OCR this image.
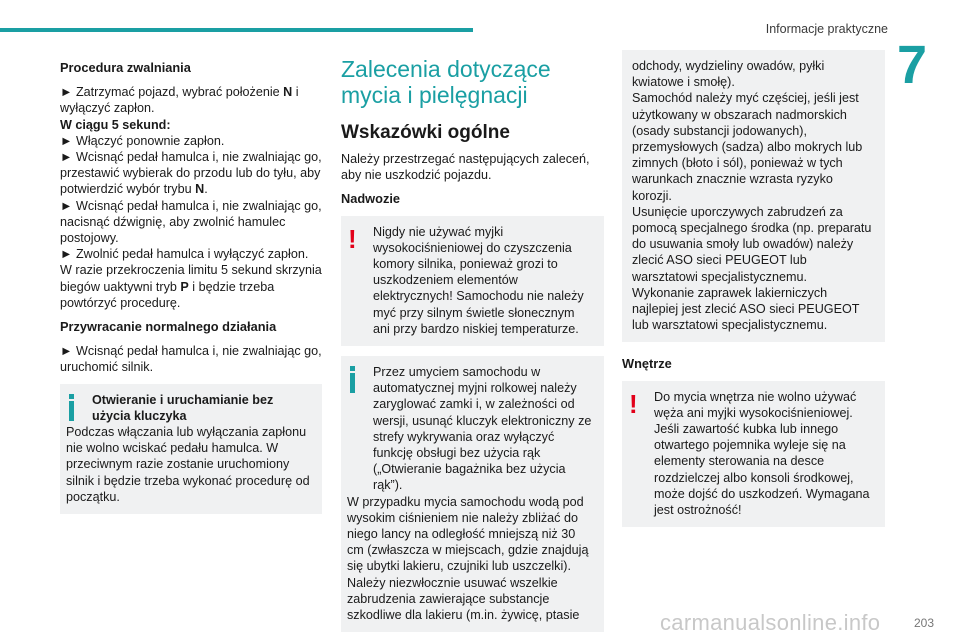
Informacje praktyczne
7
Procedura zwalniania

► Zatrzymać pojazd, wybrać położenie N i wyłączyć zapłon.

W ciągu 5 sekund:

► Włączyć ponownie zapłon.

► Wcisnąć pedał hamulca i, nie zwalniając go, przestawić wybierak do przodu lub do tyłu, aby potwierdzić wybór trybu N.

► Wcisnąć pedał hamulca i, nie zwalniając go, nacisnąć dźwignię, aby zwolnić hamulec postojowy.

► Zwolnić pedał hamulca i wyłączyć zapłon.

W razie przekroczenia limitu 5 sekund skrzynia biegów uaktywni tryb P i będzie trzeba powtórzyć procedurę.

Przywracanie normalnego działania

► Wcisnąć pedał hamulca i, nie zwalniając go, uruchomić silnik.

Otwieranie i uruchamianie bez użycia kluczyka

Podczas włączania lub wyłączania zapłonu nie wolno wciskać pedału hamulca. W przeciwnym razie zostanie uruchomiony silnik i będzie trzeba wykonać procedurę od początku.

Zalecenia dotyczące mycia i pielęgnacji
Wskazówki ogólne

Należy przestrzegać następujących zaleceń, aby nie uszkodzić pojazdu.

Nadwozie
!	Nigdy nie używać myjki wysokociśnieniowej do czyszczenia komory silnika, ponieważ grozi to uszkodzeniem elementów elektrycznych! Samochodu nie należy myć przy silnym świetle słonecznym ani przy bardzo niskiej temperaturze.

Przez umyciem samochodu w automatycznej myjni rolkowej należy zaryglować zamki i, w zależności od wersji, usunąć kluczyk elektroniczny ze strefy wykrywania oraz wyłączyć funkcję obsługi bez użycia rąk („Otwieranie bagażnika bez użycia rąk”).

W przypadku mycia samochodu wodą pod wysokim ciśnieniem nie należy zbliżać do niego lancy na odległość mniejszą niż 30 cm (zwłaszcza w miejscach, gdzie znajdują się ubytki lakieru, czujniki lub uszczelki).

Należy niezwłocznie usuwać wszelkie zabrudzenia zawierające substancje szkodliwe dla lakieru (m.in. żywicę, ptasie

odchody, wydzieliny owadów, pyłki kwiatowe i smołę).

Samochód należy myć częściej, jeśli jest użytkowany w obszarach nadmorskich (osady substancji jodowanych), przemysłowych (sadza) albo mokrych lub zimnych (błoto i sól), ponieważ w tych warunkach znacznie wzrasta ryzyko korozji.

Usunięcie uporczywych zabrudzeń za pomocą specjalnego środka (np. preparatu do usuwania smoły lub owadów) należy zlecić ASO sieci PEUGEOT lub warsztatowi specjalistycznemu.

Wykonanie zaprawek lakierniczych najlepiej jest zlecić ASO sieci PEUGEOT lub warsztatowi specjalistycznemu.

Wnętrze
!	Do mycia wnętrza nie wolno używać węża ani myjki wysokociśnieniowej. Jeśli zawartość kubka lub innego otwartego pojemnika wyleje się na elementy sterowania na desce rozdzielczej albo konsoli środkowej, może dojść do uszkodzeń. Wymagana jest ostrożność!

carmanualsonline.info	203
